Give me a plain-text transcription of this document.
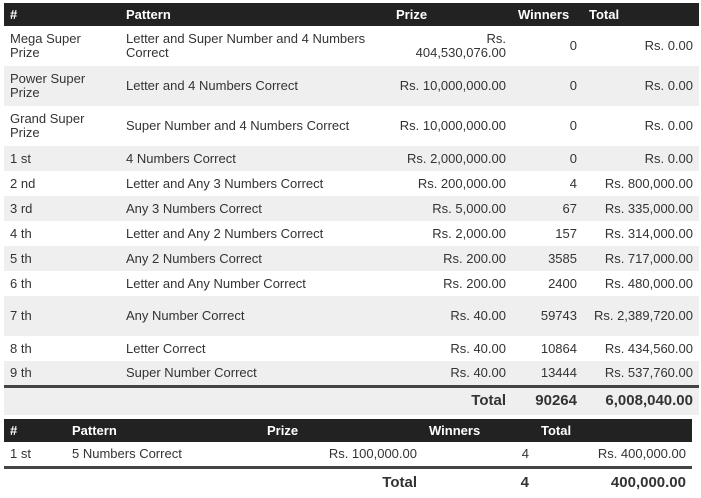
#	Pattern	Prize	Winners	Total
Mega Super Prize	Letter and Super Number and 4 Numbers Correct	Rs. 404,530,076.00	0	Rs. 0.00
Power Super Prize	Letter and 4 Numbers Correct	Rs. 10,000,000.00	0	Rs. 0.00
Grand Super Prize	Super Number and 4 Numbers Correct	Rs. 10,000,000.00	0	Rs. 0.00
1 st	4 Numbers Correct	Rs. 2,000,000.00	0	Rs. 0.00
2 nd	Letter and Any 3 Numbers Correct	Rs. 200,000.00	4	Rs. 800,000.00
3 rd	Any 3 Numbers Correct	Rs. 5,000.00	67	Rs. 335,000.00
4 th	Letter and Any 2 Numbers Correct	Rs. 2,000.00	157	Rs. 314,000.00
5 th	Any 2 Numbers Correct	Rs. 200.00	3585	Rs. 717,000.00
6 th	Letter and Any Number Correct	Rs. 200.00	2400	Rs. 480,000.00
7 th	Any Number Correct	Rs. 40.00	59743	Rs. 2,389,720.00
8 th	Letter Correct	Rs. 40.00	10864	Rs. 434,560.00
9 th	Super Number Correct	Rs. 40.00	13444	Rs. 537,760.00
		Total	90264	6,008,040.00
#	Pattern	Prize	Winners	Total
1 st	5 Numbers Correct	Rs. 100,000.00	4	Rs. 400,000.00
		Total	4	400,000.00
